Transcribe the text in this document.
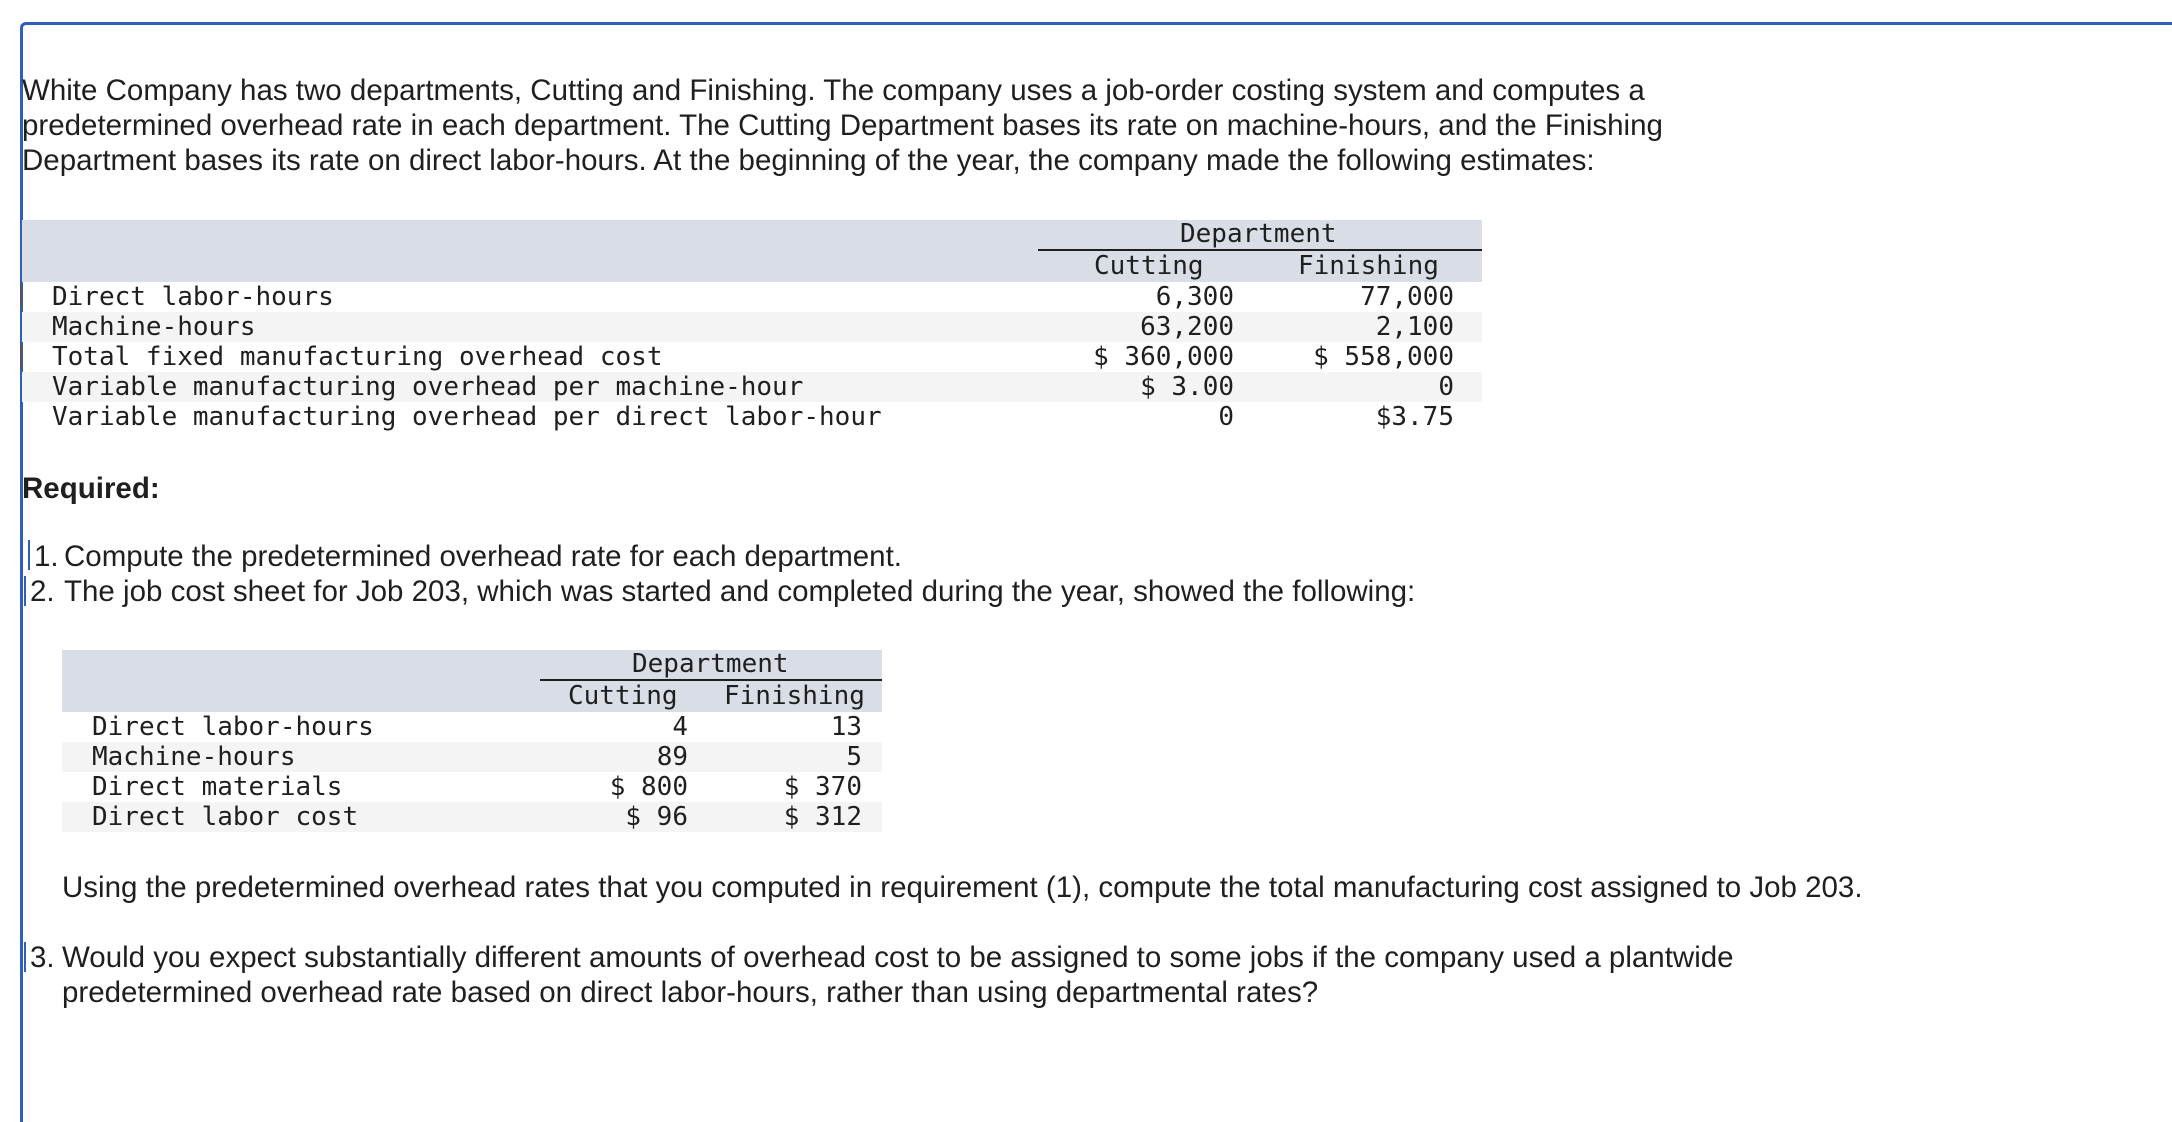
White Company has two departments, Cutting and Finishing. The company uses a job-order costing system and computes a predetermined overhead rate in each department. The Cutting Department bases its rate on machine-hours, and the Finishing Department bases its rate on direct labor-hours. At the beginning of the year, the company made the following estimates:
Department
Cutting	Finishing
Direct labor-hours	6,300	77,000
Machine-hours	63,200	2,100
Total fixed manufacturing overhead cost	$ 360,000	$ 558,000
Variable manufacturing overhead per machine-hour	$ 3.00	0
Variable manufacturing overhead per direct labor-hour	0	$3.75
Required:
1. Compute the predetermined overhead rate for each department.
2. The job cost sheet for Job 203, which was started and completed during the year, showed the following:
Department
Cutting Finishing
Direct labor-hours	4	13
Machine-hours	89	5
Direct materials	$ 800	$ 370
Direct labor cost	$ 96	$ 312
Using the predetermined overhead rates that you computed in requirement (1), compute the total manufacturing cost assigned to Job 203.
3. Would you expect substantially different amounts of overhead cost to be assigned to some jobs if the company used a plantwide predetermined overhead rate based on direct labor-hours, rather than using departmental rates?
